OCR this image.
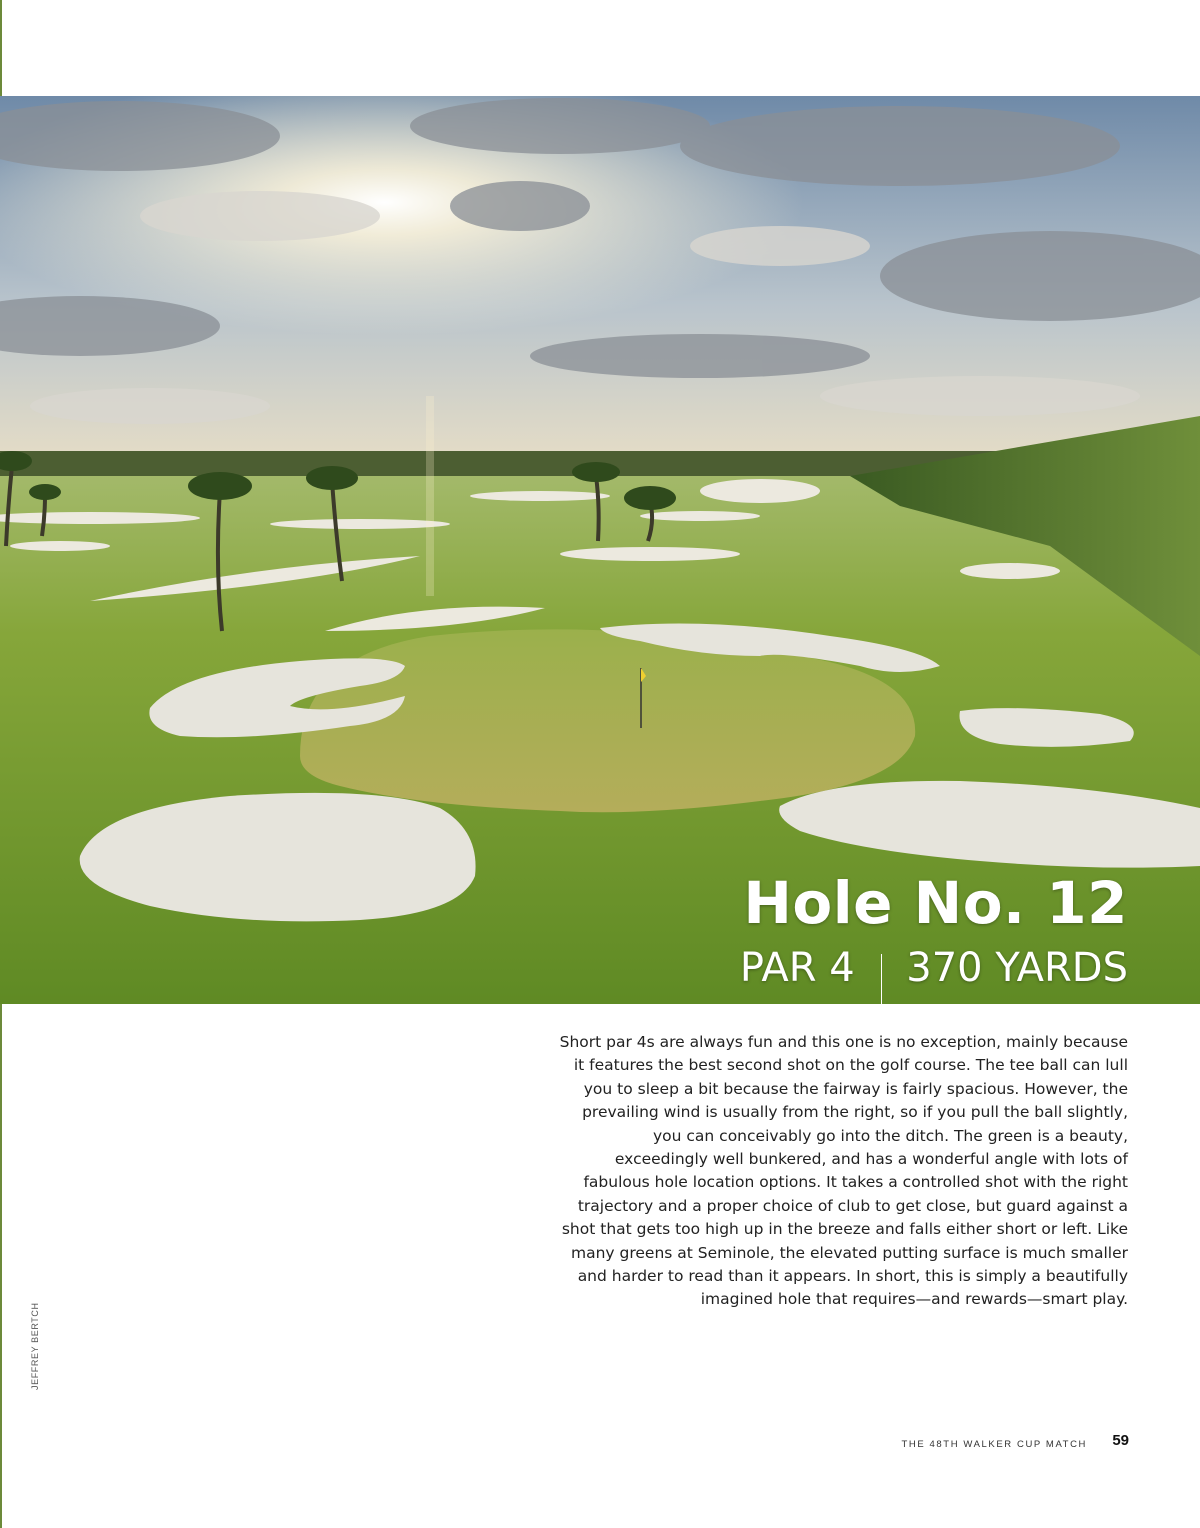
Hole No. 12
PAR 4 370 YARDS

Short par 4s are always fun and this one is no exception, mainly because it features the best second shot on the golf course. The tee ball can lull you to sleep a bit because the fairway is fairly spacious. However, the prevailing wind is usually from the right, so if you pull the ball slightly, you can conceivably go into the ditch. The green is a beauty, exceedingly well bunkered, and has a wonderful angle with lots of fabulous hole location options. It takes a controlled shot with the right trajectory and a proper choice of club to get close, but guard against a shot that gets too high up in the breeze and falls either short or left. Like many greens at Seminole, the elevated putting surface is much smaller and harder to read than it appears. In short, this is simply a beautifully imagined hole that requires—and rewards—smart play.

JEFFREY BERTCH
THE 48TH WALKER CUP MATCH 59
